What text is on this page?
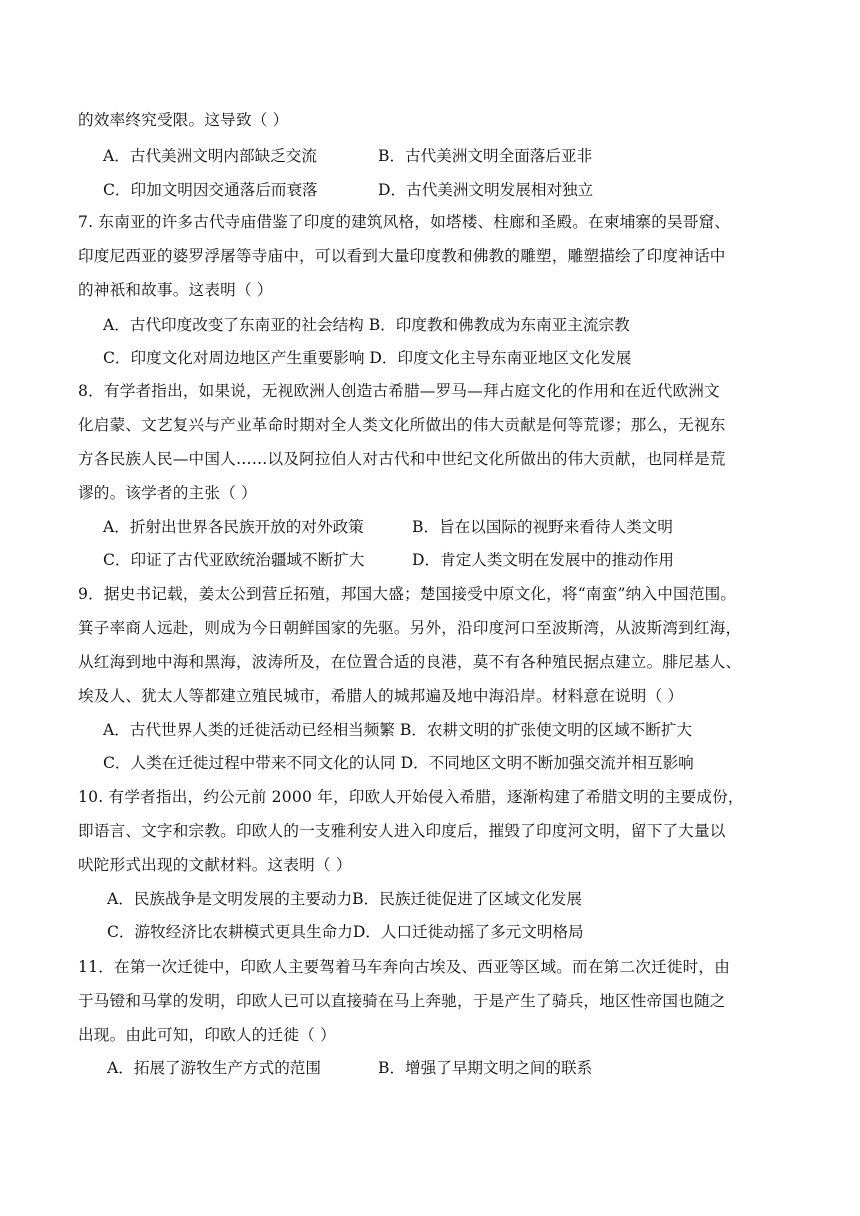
的效率终究受限。这导致（ ）
A．古代美洲文明内部缺乏交流	B．古代美洲文明全面落后亚非
C．印加文明因交通落后而衰落	D．古代美洲文明发展相对独立
7. 东南亚的许多古代寺庙借鉴了印度的建筑风格，如塔楼、柱廊和圣殿。在柬埔寨的吴哥窟、
印度尼西亚的婆罗浮屠等寺庙中，可以看到大量印度教和佛教的雕塑，雕塑描绘了印度神话中
的神祇和故事。这表明（ ）
A．古代印度改变了东南亚的社会结构 B．印度教和佛教成为东南亚主流宗教
C．印度文化对周边地区产生重要影响 D．印度文化主导东南亚地区文化发展
8．有学者指出，如果说，无视欧洲人创造古希腊—罗马—拜占庭文化的作用和在近代欧洲文
化启蒙、文艺复兴与产业革命时期对全人类文化所做出的伟大贡献是何等荒谬；那么，无视东
方各民族人民—中国人……以及阿拉伯人对古代和中世纪文化所做出的伟大贡献，也同样是荒
谬的。该学者的主张（ ）
A．折射出世界各民族开放的对外政策	B．旨在以国际的视野来看待人类文明
C．印证了古代亚欧统治疆域不断扩大	D．肯定人类文明在发展中的推动作用
9．据史书记载，姜太公到营丘拓殖，邦国大盛；楚国接受中原文化，将“南蛮”纳入中国范围。
箕子率商人远赴，则成为今日朝鲜国家的先驱。另外，沿印度河口至波斯湾，从波斯湾到红海，
从红海到地中海和黑海，波涛所及，在位置合适的良港，莫不有各种殖民据点建立。腓尼基人、
埃及人、犹太人等都建立殖民城市，希腊人的城邦遍及地中海沿岸。材料意在说明（ ）
A．古代世界人类的迁徙活动已经相当频繁 B．农耕文明的扩张使文明的区域不断扩大
C．人类在迁徙过程中带来不同文化的认同 D．不同地区文明不断加强交流并相互影响
10. 有学者指出，约公元前 2000 年，印欧人开始侵入希腊，逐渐构建了希腊文明的主要成份，
即语言、文字和宗教。印欧人的一支雅利安人进入印度后，摧毁了印度河文明，留下了大量以
吠陀形式出现的文献材料。这表明（ ）
A．民族战争是文明发展的主要动力B．民族迁徙促进了区域文化发展
C．游牧经济比农耕模式更具生命力D．人口迁徙动摇了多元文明格局
11．在第一次迁徙中，印欧人主要驾着马车奔向古埃及、西亚等区域。而在第二次迁徙时，由
于马镫和马掌的发明，印欧人已可以直接骑在马上奔驰，于是产生了骑兵，地区性帝国也随之
出现。由此可知，印欧人的迁徙（ ）
A．拓展了游牧生产方式的范围	B．增强了早期文明之间的联系
